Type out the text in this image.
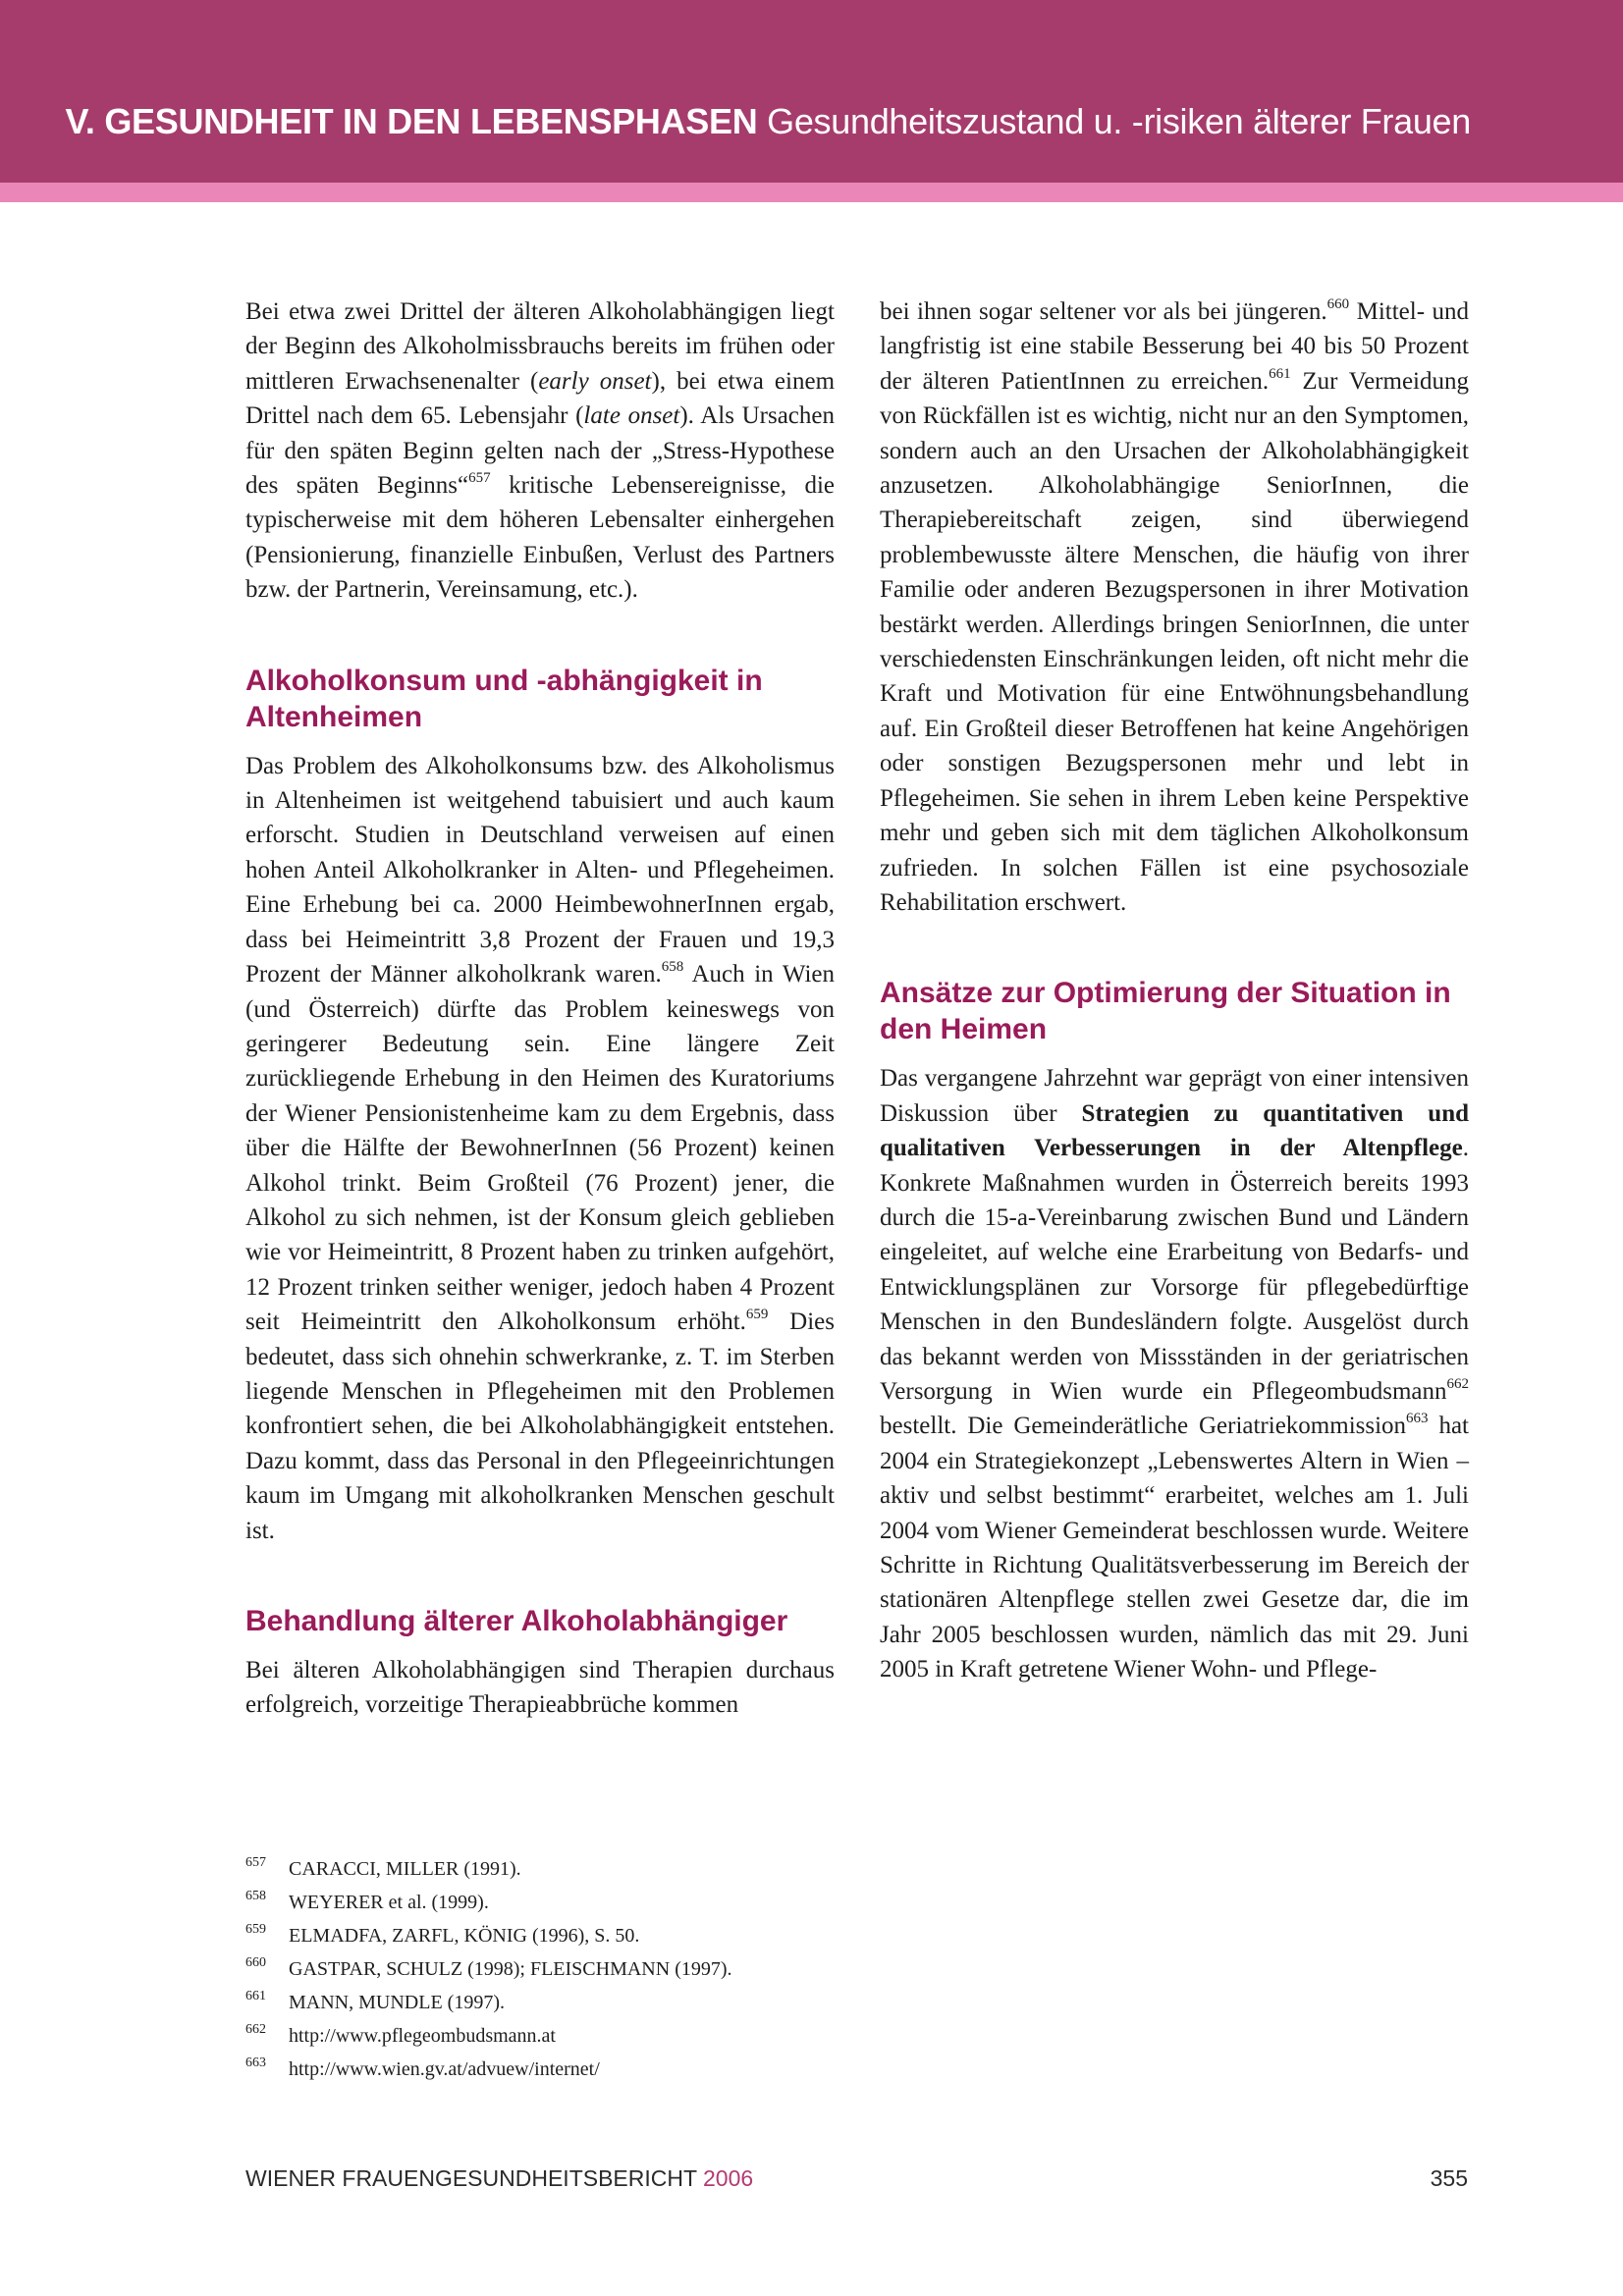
V. GESUNDHEIT IN DEN LEBENSPHASEN Gesundheitszustand u. -risiken älterer Frauen

Bei etwa zwei Drittel der älteren Alkoholabhängigen liegt der Beginn des Alkoholmissbrauchs bereits im frühen oder mittleren Erwachsenenalter (early onset), bei etwa einem Drittel nach dem 65. Lebensjahr (late onset). Als Ursachen für den späten Beginn gelten nach der „Stress-Hypothese des späten Beginns“$^{657}$ kritische Lebensereignisse, die typischerweise mit dem höheren Lebensalter einhergehen (Pensionierung, finanzielle Einbußen, Verlust des Partners bzw. der Partnerin, Vereinsamung, etc.).

Alkoholkonsum und -abhängigkeit in Altenheimen

Das Problem des Alkoholkonsums bzw. des Alkoholismus in Altenheimen ist weitgehend tabuisiert und auch kaum erforscht. Studien in Deutschland verweisen auf einen hohen Anteil Alkoholkranker in Alten- und Pflegeheimen. Eine Erhebung bei ca. 2000 HeimbewohnerInnen ergab, dass bei Heimeintritt 3,8 Prozent der Frauen und 19,3 Prozent der Männer alkoholkrank waren.$^{658}$ Auch in Wien (und Österreich) dürfte das Problem keineswegs von geringerer Bedeutung sein. Eine längere Zeit zurückliegende Erhebung in den Heimen des Kuratoriums der Wiener Pensionistenheime kam zu dem Ergebnis, dass über die Hälfte der BewohnerInnen (56 Prozent) keinen Alkohol trinkt. Beim Großteil (76 Prozent) jener, die Alkohol zu sich nehmen, ist der Konsum gleich geblieben wie vor Heimeintritt, 8 Prozent haben zu trinken aufgehört, 12 Prozent trinken seither weniger, jedoch haben 4 Prozent seit Heimeintritt den Alkoholkonsum erhöht.$^{659}$ Dies bedeutet, dass sich ohnehin schwerkranke, z. T. im Sterben liegende Menschen in Pflegeheimen mit den Problemen konfrontiert sehen, die bei Alkoholabhängigkeit entstehen. Dazu kommt, dass das Personal in den Pflegeeinrichtungen kaum im Umgang mit alkoholkranken Menschen geschult ist.

Behandlung älterer Alkoholabhängiger

Bei älteren Alkoholabhängigen sind Therapien durchaus erfolgreich, vorzeitige Therapieabbrüche kommen

bei ihnen sogar seltener vor als bei jüngeren.$^{660}$ Mittel- und langfristig ist eine stabile Besserung bei 40 bis 50 Prozent der älteren PatientInnen zu erreichen.$^{661}$ Zur Vermeidung von Rückfällen ist es wichtig, nicht nur an den Symptomen, sondern auch an den Ursachen der Alkoholabhängigkeit anzusetzen. Alkoholabhängige SeniorInnen, die Therapiebereitschaft zeigen, sind überwiegend problembewusste ältere Menschen, die häufig von ihrer Familie oder anderen Bezugspersonen in ihrer Motivation bestärkt werden. Allerdings bringen SeniorInnen, die unter verschiedensten Einschränkungen leiden, oft nicht mehr die Kraft und Motivation für eine Entwöhnungsbehandlung auf. Ein Großteil dieser Betroffenen hat keine Angehörigen oder sonstigen Bezugspersonen mehr und lebt in Pflegeheimen. Sie sehen in ihrem Leben keine Perspektive mehr und geben sich mit dem täglichen Alkoholkonsum zufrieden. In solchen Fällen ist eine psychosoziale Rehabilitation erschwert.

Ansätze zur Optimierung der Situation in den Heimen

Das vergangene Jahrzehnt war geprägt von einer intensiven Diskussion über Strategien zu quantitativen und qualitativen Verbesserungen in der Altenpflege. Konkrete Maßnahmen wurden in Österreich bereits 1993 durch die 15-a-Vereinbarung zwischen Bund und Ländern eingeleitet, auf welche eine Erarbeitung von Bedarfs- und Entwicklungsplänen zur Vorsorge für pflegebedürftige Menschen in den Bundesländern folgte. Ausgelöst durch das bekannt werden von Missständen in der geriatrischen Versorgung in Wien wurde ein Pflegeombudsmann$^{662}$ bestellt. Die Gemeinderätliche Geriatriekommission$^{663}$ hat 2004 ein Strategiekonzept „Lebenswertes Altern in Wien – aktiv und selbst bestimmt“ erarbeitet, welches am 1. Juli 2004 vom Wiener Gemeinderat beschlossen wurde. Weitere Schritte in Richtung Qualitätsverbesserung im Bereich der stationären Altenpflege stellen zwei Gesetze dar, die im Jahr 2005 beschlossen wurden, nämlich das mit 29. Juni 2005 in Kraft getretene Wiener Wohn- und Pflege-

657 CARACCI, MILLER (1991).
658 WEYERER et al. (1999).
659 ELMADFA, ZARFL, KÖNIG (1996), S. 50.
660 GASTPAR, SCHULZ (1998); FLEISCHMANN (1997).
661 MANN, MUNDLE (1997).
662 http://www.pflegeombudsmann.at
663 http://www.wien.gv.at/advuew/internet/
WIENER FRAUENGESUNDHEITSBERICHT 2006	355
